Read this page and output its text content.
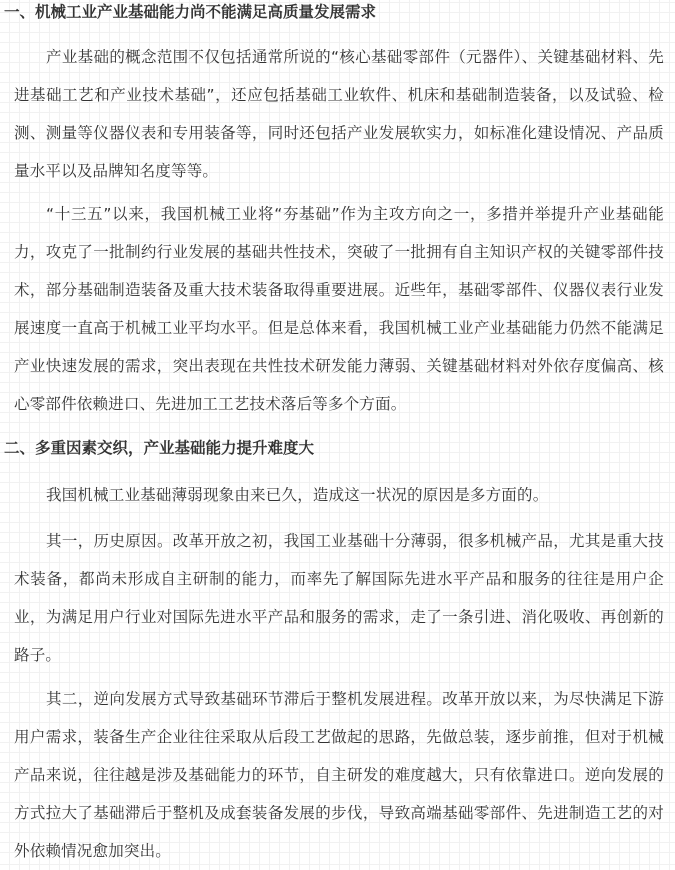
一、机械工业产业基础能力尚不能满足高质量发展需求

产业基础的概念范围不仅包括通常所说的“核心基础零部件（元器件）、关键基础材料、先进基础工艺和产业技术基础”，还应包括基础工业软件、机床和基础制造装备，以及试验、检测、测量等仪器仪表和专用装备等，同时还包括产业发展软实力，如标准化建设情况、产品质量水平以及品牌知名度等等。

“十三五”以来，我国机械工业将“夯基础”作为主攻方向之一，多措并举提升产业基础能力，攻克了一批制约行业发展的基础共性技术，突破了一批拥有自主知识产权的关键零部件技术，部分基础制造装备及重大技术装备取得重要进展。近些年，基础零部件、仪器仪表行业发展速度一直高于机械工业平均水平。但是总体来看，我国机械工业产业基础能力仍然不能满足产业快速发展的需求，突出表现在共性技术研发能力薄弱、关键基础材料对外依存度偏高、核心零部件依赖进口、先进加工工艺技术落后等多个方面。

二、多重因素交织，产业基础能力提升难度大

我国机械工业基础薄弱现象由来已久，造成这一状况的原因是多方面的。

其一，历史原因。改革开放之初，我国工业基础十分薄弱，很多机械产品，尤其是重大技术装备，都尚未形成自主研制的能力，而率先了解国际先进水平产品和服务的往往是用户企业，为满足用户行业对国际先进水平产品和服务的需求，走了一条引进、消化吸收、再创新的路子。

其二，逆向发展方式导致基础环节滞后于整机发展进程。改革开放以来，为尽快满足下游用户需求，装备生产企业往往采取从后段工艺做起的思路，先做总装，逐步前推，但对于机械产品来说，往往越是涉及基础能力的环节，自主研发的难度越大，只有依靠进口。逆向发展的方式拉大了基础滞后于整机及成套装备发展的步伐，导致高端基础零部件、先进制造工艺的对外依赖情况愈加突出。
